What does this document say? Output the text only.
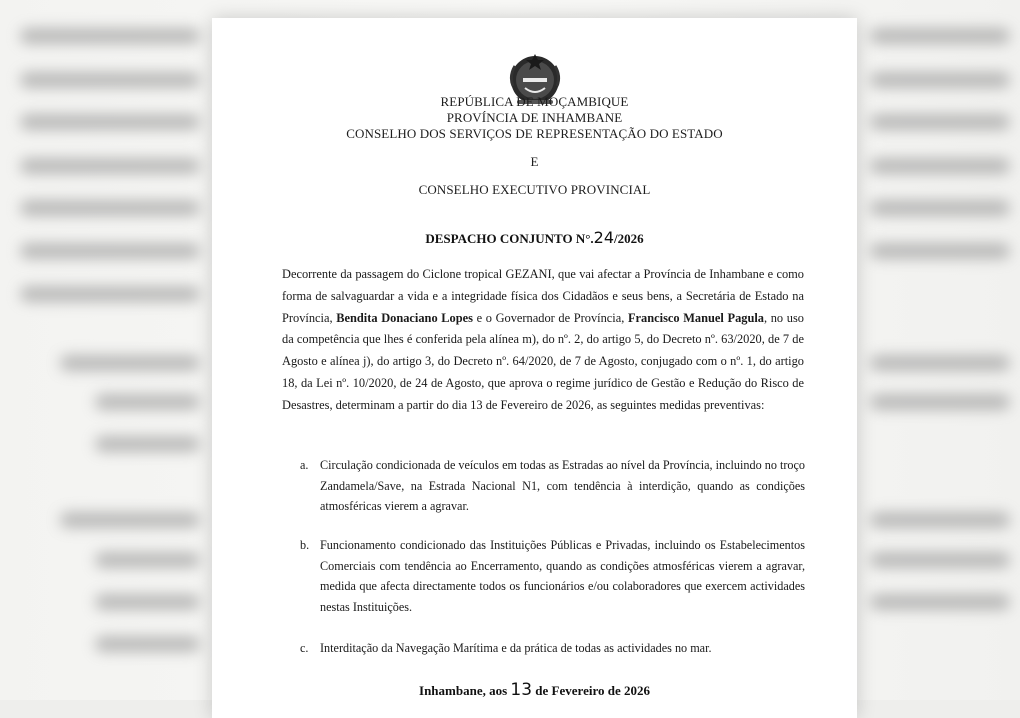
REPÚBLICA DE MOÇAMBIQUE
PROVÍNCIA DE INHAMBANE
CONSELHO DOS SERVIÇOS DE REPRESENTAÇÃO DO ESTADO
E
CONSELHO EXECUTIVO PROVINCIAL
DESPACHO CONJUNTO N°.24/2026
Decorrente da passagem do Ciclone tropical GEZANI, que vai afectar a Província de Inhambane e como forma de salvaguardar a vida e a integridade física dos Cidadãos e seus bens, a Secretária de Estado na Província, Bendita Donaciano Lopes e o Governador de Província, Francisco Manuel Pagula, no uso da competência que lhes é conferida pela alínea m), do nº. 2, do artigo 5, do Decreto nº. 63/2020, de 7 de Agosto e alínea j), do artigo 3, do Decreto nº. 64/2020, de 7 de Agosto, conjugado com o nº. 1, do artigo 18, da Lei nº. 10/2020, de 24 de Agosto, que aprova o regime jurídico de Gestão e Redução do Risco de Desastres, determinam a partir do dia 13 de Fevereiro de 2026, as seguintes medidas preventivas:
a. Circulação condicionada de veículos em todas as Estradas ao nível da Província, incluindo no troço Zandamela/Save, na Estrada Nacional N1, com tendência à interdição, quando as condições atmosféricas vierem a agravar.
b. Funcionamento condicionado das Instituições Públicas e Privadas, incluindo os Estabelecimentos Comerciais com tendência ao Encerramento, quando as condições atmosféricas vierem a agravar, medida que afecta directamente todos os funcionários e/ou colaboradores que exercem actividades nestas Instituições.
c. Interditação da Navegação Marítima e da prática de todas as actividades no mar.
Inhambane, aos 13 de Fevereiro de 2026
